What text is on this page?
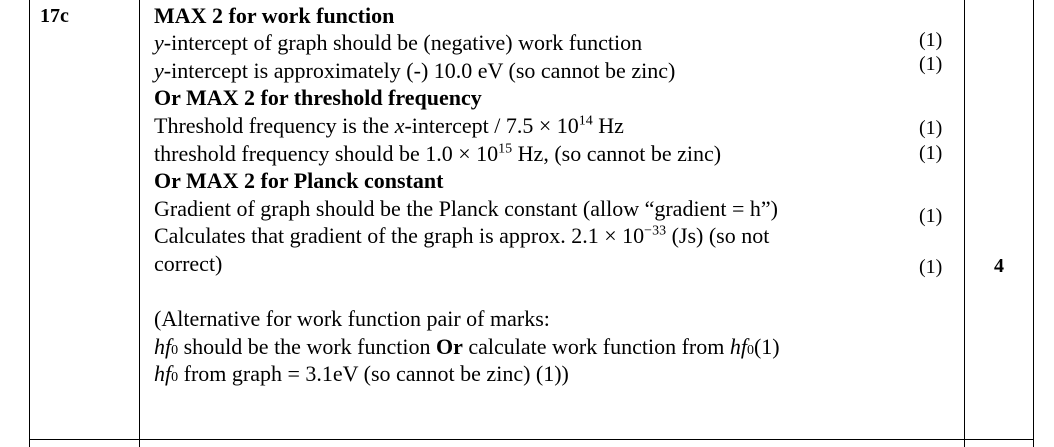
17c	MAX 2 for work function
y-intercept of graph should be (negative) work function
y-intercept is approximately (-) 10.0 eV (so cannot be zinc)
Or MAX 2 for threshold frequency
Threshold frequency is the x-intercept / $7.5 \times 10^{14}$ Hz
threshold frequency should be $1.0 \times 10^{15}$ Hz, (so cannot be zinc)
Or MAX 2 for Planck constant
Gradient of graph should be the Planck constant (allow “gradient = h”)
Calculates that gradient of the graph is approx. $2.1 \times 10^{-33}$ (Js) (so not
correct)
(Alternative for work function pair of marks:
hf0 should be the work function Or calculate work function from hf0(1)
hf0 from graph = 3.1eV (so cannot be zinc) (1))
(1)
(1)
(1)
(1)
(1)
(1)	4
